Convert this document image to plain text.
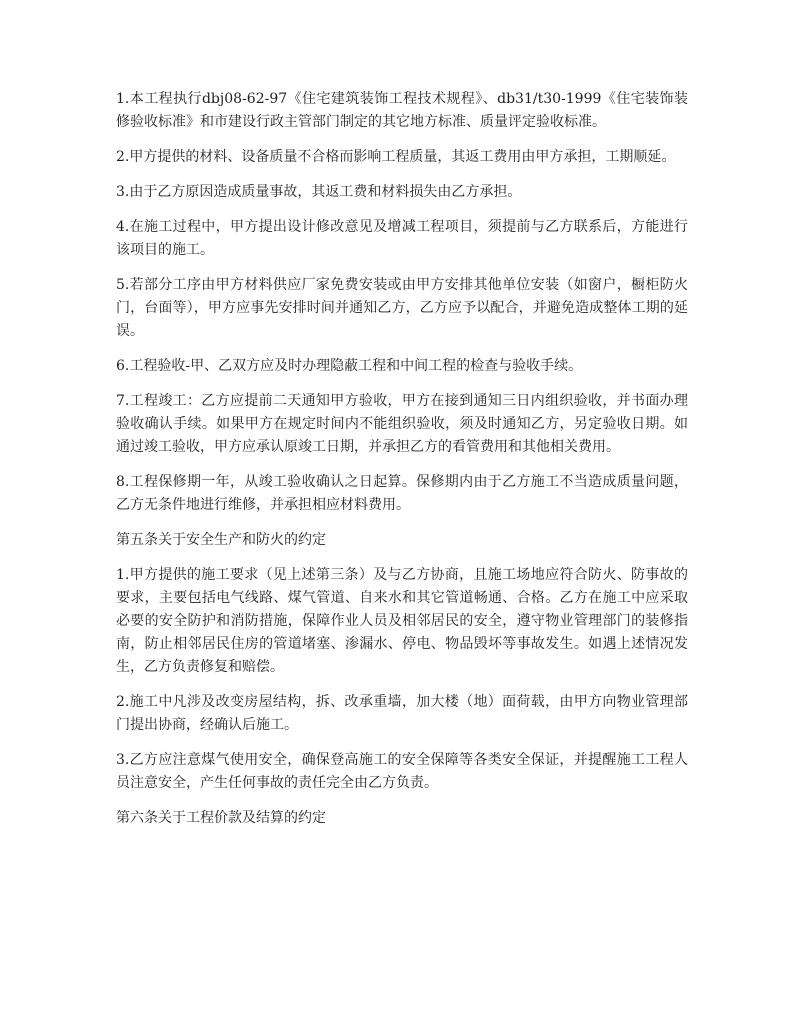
1.本工程执行dbj08-62-97《住宅建筑装饰工程技术规程》、db31/t30-1999《住宅装饰装修验收标准》和市建设行政主管部门制定的其它地方标准、质量评定验收标准。

2.甲方提供的材料、设备质量不合格而影响工程质量，其返工费用由甲方承担，工期顺延。

3.由于乙方原因造成质量事故，其返工费和材料损失由乙方承担。

4.在施工过程中，甲方提出设计修改意见及增减工程项目，须提前与乙方联系后，方能进行该项目的施工。

5.若部分工序由甲方材料供应厂家免费安装或由甲方安排其他单位安装（如窗户，橱柜防火门，台面等），甲方应事先安排时间并通知乙方，乙方应予以配合，并避免造成整体工期的延误。

6.工程验收-甲、乙双方应及时办理隐蔽工程和中间工程的检查与验收手续。

7.工程竣工：乙方应提前二天通知甲方验收，甲方在接到通知三日内组织验收，并书面办理验收确认手续。如果甲方在规定时间内不能组织验收，须及时通知乙方，另定验收日期。如通过竣工验收，甲方应承认原竣工日期，并承担乙方的看管费用和其他相关费用。

8.工程保修期一年，从竣工验收确认之日起算。保修期内由于乙方施工不当造成质量问题，乙方无条件地进行维修，并承担相应材料费用。

第五条关于安全生产和防火的约定

1.甲方提供的施工要求（见上述第三条）及与乙方协商，且施工场地应符合防火、防事故的要求，主要包括电气线路、煤气管道、自来水和其它管道畅通、合格。乙方在施工中应采取必要的安全防护和消防措施，保障作业人员及相邻居民的安全，遵守物业管理部门的装修指南，防止相邻居民住房的管道堵塞、渗漏水、停电、物品毁坏等事故发生。如遇上述情况发生，乙方负责修复和赔偿。

2.施工中凡涉及改变房屋结构，拆、改承重墙，加大楼（地）面荷载，由甲方向物业管理部门提出协商，经确认后施工。

3.乙方应注意煤气使用安全，确保登高施工的安全保障等各类安全保证，并提醒施工工程人员注意安全，产生任何事故的责任完全由乙方负责。

第六条关于工程价款及结算的约定
